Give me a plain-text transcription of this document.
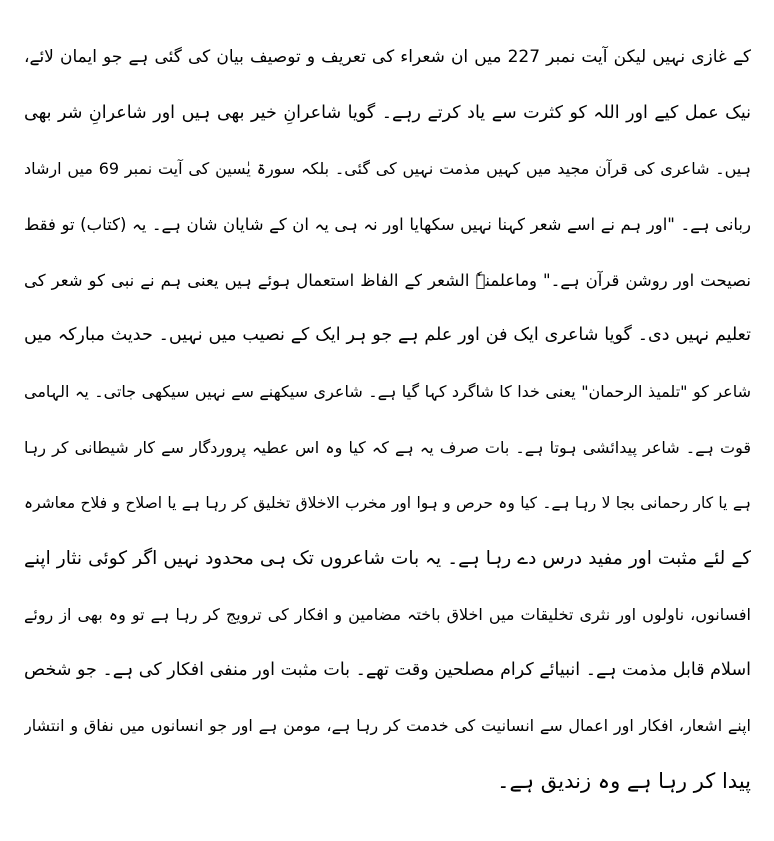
کے غازی نہیں لیکن آیت نمبر 227 میں ان شعراء کی تعریف و توصیف بیان کی گئی ہے جو ایمان لائے،
نیک عمل کیے اور اللہ کو کثرت سے یاد کرتے رہے۔ گویا شاعرانِ خیر بھی ہیں اور شاعرانِ شر بھی
ہیں۔ شاعری کی قرآن مجید میں کہیں مذمت نہیں کی گئی۔ بلکہ سورۃ یٰسین کی آیت نمبر 69 میں ارشاد
ربانی ہے۔ "اور ہم نے اسے شعر کہنا نہیں سکھایا اور نہ ہی یہ ان کے شایان شان ہے۔ یہ (کتاب) تو فقط
نصیحت اور روشن قرآن ہے۔" وماعلمنہٗ الشعر کے الفاظ استعمال ہوئے ہیں یعنی ہم نے نبی کو شعر کی
تعلیم نہیں دی۔ گویا شاعری ایک فن اور علم ہے جو ہر ایک کے نصیب میں نہیں۔ حدیث مبارکہ میں
شاعر کو "تلمیذ الرحمان" یعنی خدا کا شاگرد کہا گیا ہے۔ شاعری سیکھنے سے نہیں سیکھی جاتی۔ یہ الہامی
قوت ہے۔ شاعر پیدائشی ہوتا ہے۔ بات صرف یہ ہے کہ کیا وہ اس عطیہ پروردگار سے کار شیطانی کر رہا
ہے یا کار رحمانی بجا لا رہا ہے۔ کیا وہ حرص و ہوا اور مخرب الاخلاق تخلیق کر رہا ہے یا اصلاح و فلاح معاشرہ
کے لئے مثبت اور مفید درس دے رہا ہے۔ یہ بات شاعروں تک ہی محدود نہیں اگر کوئی نثار اپنے
افسانوں، ناولوں اور نثری تخلیقات میں اخلاق باختہ مضامین و افکار کی ترویج کر رہا ہے تو وہ بھی از روئے
اسلام قابل مذمت ہے۔ انبیائے کرام مصلحین وقت تھے۔ بات مثبت اور منفی افکار کی ہے۔ جو شخص
اپنے اشعار، افکار اور اعمال سے انسانیت کی خدمت کر رہا ہے، مومن ہے اور جو انسانوں میں نفاق و انتشار
پیدا کر رہا ہے وہ زندیق ہے۔
